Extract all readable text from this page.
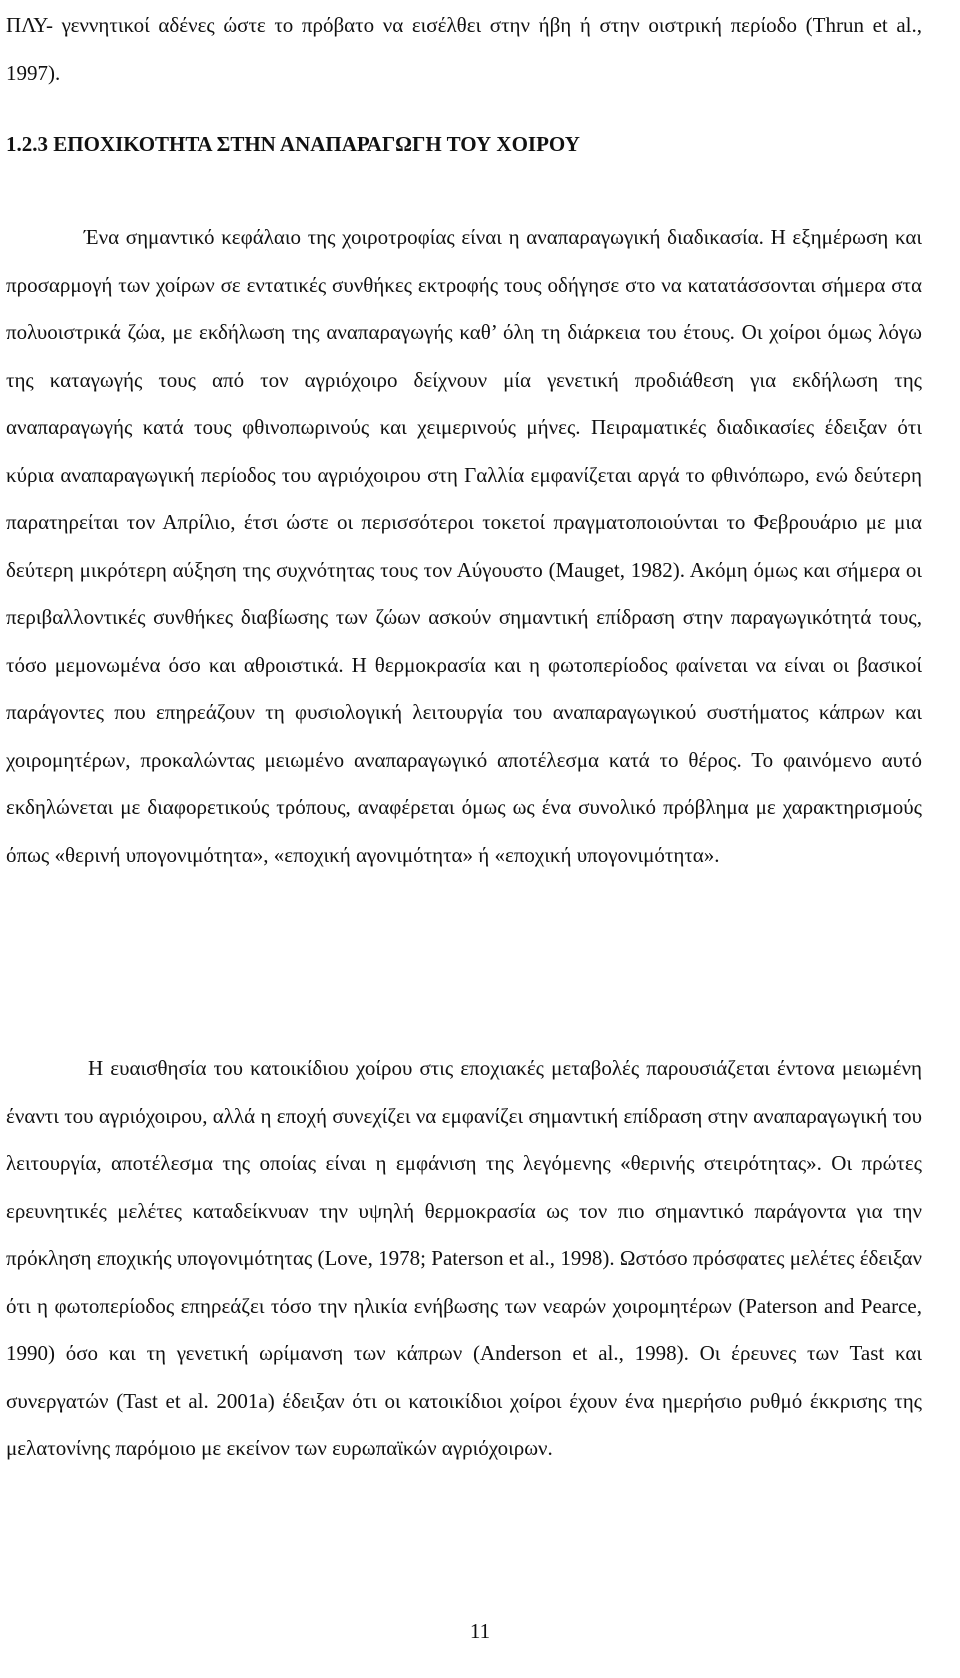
ΠΛΥ- γεννητικοί αδένες ώστε το πρόβατο να εισέλθει στην ήβη ή στην οιστρική περίοδο (Thrun et al., 1997).
1.2.3 ΕΠΟΧΙΚΟΤΗΤΑ ΣΤΗΝ ΑΝΑΠΑΡΑΓΩΓΗ ΤΟΥ ΧΟΙΡΟΥ
Ένα σημαντικό κεφάλαιο της χοιροτροφίας είναι η αναπαραγωγική διαδικασία. Η εξημέρωση και προσαρμογή των χοίρων σε εντατικές συνθήκες εκτροφής τους οδήγησε στο να κατατάσσονται σήμερα στα πολυοιστρικά ζώα, με εκδήλωση της αναπαραγωγής καθ’ όλη τη διάρκεια του έτους. Οι χοίροι όμως λόγω της καταγωγής τους από τον αγριόχοιρο δείχνουν μία γενετική προδιάθεση για εκδήλωση της αναπαραγωγής κατά τους φθινοπωρινούς και χειμερινούς μήνες. Πειραματικές διαδικασίες έδειξαν ότι κύρια αναπαραγωγική περίοδος του αγριόχοιρου στη Γαλλία εμφανίζεται αργά το φθινόπωρο, ενώ δεύτερη παρατηρείται τον Απρίλιο, έτσι ώστε οι περισσότεροι τοκετοί πραγματοποιούνται το Φεβρουάριο με μια δεύτερη μικρότερη αύξηση της συχνότητας τους τον Αύγουστο (Mauget, 1982). Ακόμη όμως και σήμερα οι περιβαλλοντικές συνθήκες διαβίωσης των ζώων ασκούν σημαντική επίδραση στην παραγωγικότητά τους, τόσο μεμονωμένα όσο και αθροιστικά. Η θερμοκρασία και η φωτοπερίοδος φαίνεται να είναι οι βασικοί παράγοντες που επηρεάζουν τη φυσιολογική λειτουργία του αναπαραγωγικού συστήματος κάπρων και χοιρομητέρων, προκαλώντας μειωμένο αναπαραγωγικό αποτέλεσμα κατά το θέρος. Το φαινόμενο αυτό εκδηλώνεται με διαφορετικούς τρόπους, αναφέρεται όμως ως ένα συνολικό πρόβλημα με χαρακτηρισμούς όπως «θερινή υπογονιμότητα», «εποχική αγονιμότητα» ή «εποχική υπογονιμότητα».
Η ευαισθησία του κατοικίδιου χοίρου στις εποχιακές μεταβολές παρουσιάζεται έντονα μειωμένη έναντι του αγριόχοιρου, αλλά η εποχή συνεχίζει να εμφανίζει σημαντική επίδραση στην αναπαραγωγική του λειτουργία, αποτέλεσμα της οποίας είναι η εμφάνιση της λεγόμενης «θερινής στειρότητας». Οι πρώτες ερευνητικές μελέτες καταδείκνυαν την υψηλή θερμοκρασία ως τον πιο σημαντικό παράγοντα για την πρόκληση εποχικής υπογονιμότητας (Love, 1978; Paterson et al., 1998). Ωστόσο πρόσφατες μελέτες έδειξαν ότι η φωτοπερίοδος επηρεάζει τόσο την ηλικία ενήβωσης των νεαρών χοιρομητέρων (Paterson and Pearce, 1990) όσο και τη γενετική ωρίμανση των κάπρων (Anderson et al., 1998). Οι έρευνες των Tast και συνεργατών (Tast et al. 2001a) έδειξαν ότι οι κατοικίδιοι χοίροι έχουν ένα ημερήσιο ρυθμό έκκρισης της μελατονίνης παρόμοιο με εκείνον των ευρωπαϊκών αγριόχοιρων.
11
